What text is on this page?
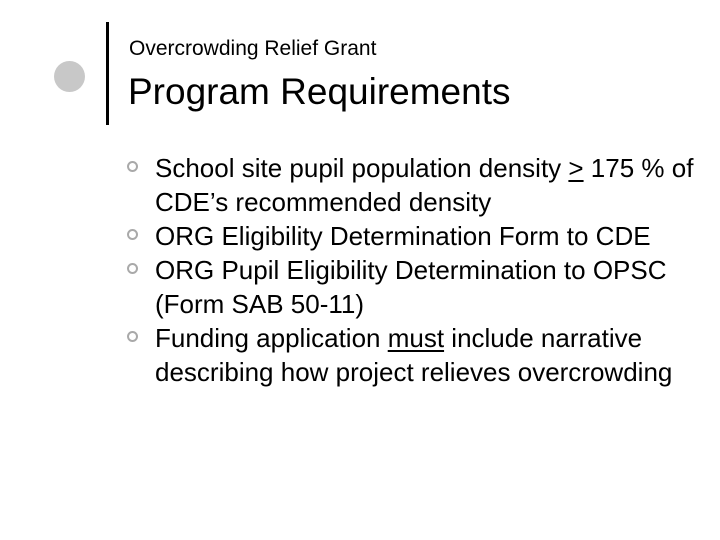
Overcrowding Relief Grant
Program Requirements
School site pupil population density ≥ 175 % of CDE’s recommended density
ORG Eligibility Determination Form to CDE
ORG Pupil Eligibility Determination to OPSC (Form SAB 50-11)
Funding application must include narrative describing how project relieves overcrowding
